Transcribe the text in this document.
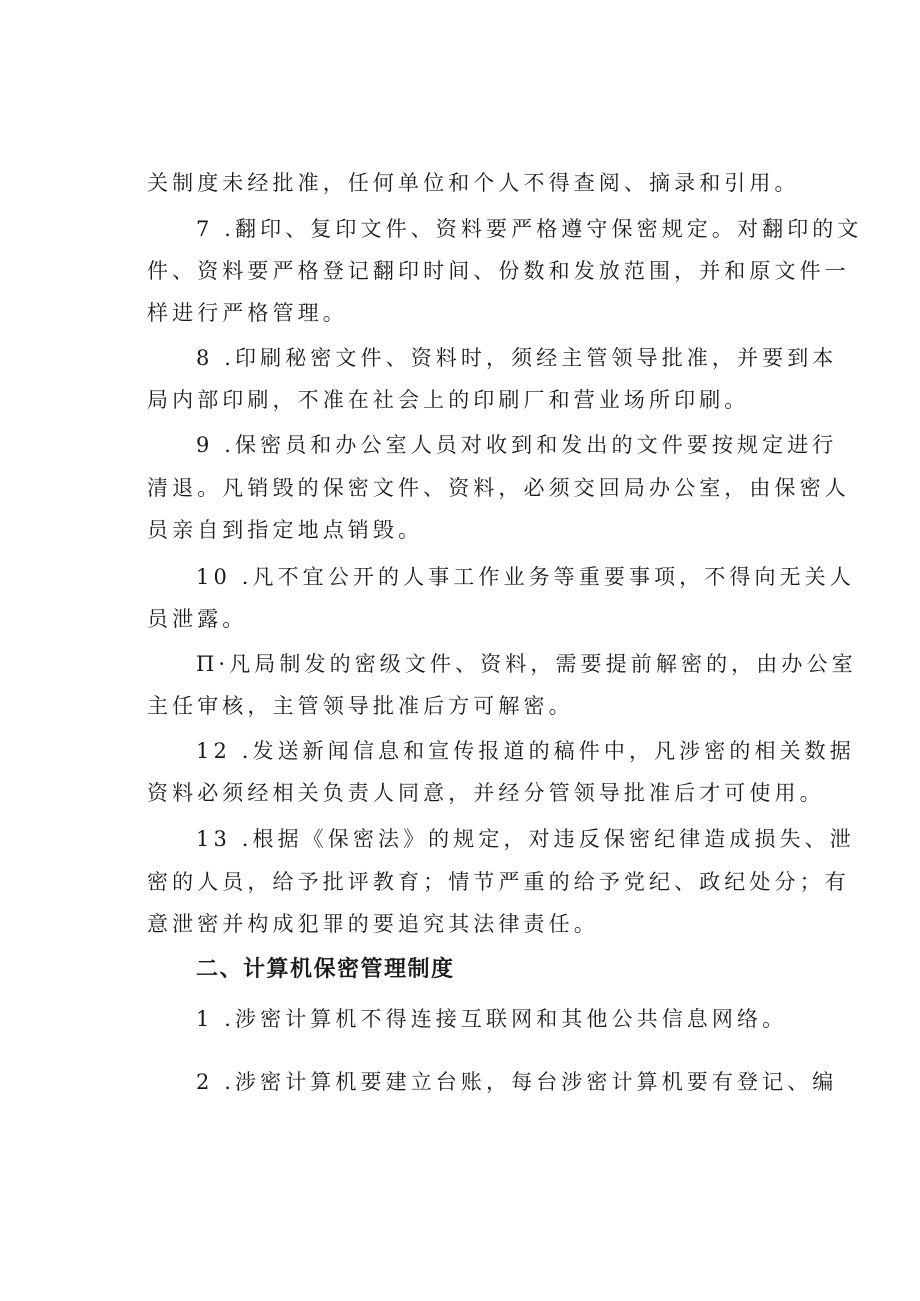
关制度未经批准，任何单位和个人不得查阅、摘录和引用。
7 .翻印、复印文件、资料要严格遵守保密规定。对翻印的文
件、资料要严格登记翻印时间、份数和发放范围，并和原文件一
样进行严格管理。
8 .印刷秘密文件、资料时，须经主管领导批准，并要到本
局内部印刷，不准在社会上的印刷厂和营业场所印刷。
9 .保密员和办公室人员对收到和发出的文件要按规定进行
清退。凡销毁的保密文件、资料，必须交回局办公室，由保密人
员亲自到指定地点销毁。
10 .凡不宜公开的人事工作业务等重要事项，不得向无关人
员泄露。
Π·凡局制发的密级文件、资料，需要提前解密的，由办公室
主任审核，主管领导批准后方可解密。
12 .发送新闻信息和宣传报道的稿件中，凡涉密的相关数据
资料必须经相关负责人同意，并经分管领导批准后才可使用。
13 .根据《保密法》的规定，对违反保密纪律造成损失、泄
密的人员，给予批评教育；情节严重的给予党纪、政纪处分；有
意泄密并构成犯罪的要追究其法律责任。
二、计算机保密管理制度
1 .涉密计算机不得连接互联网和其他公共信息网络。
2 .涉密计算机要建立台账，每台涉密计算机要有登记、编
